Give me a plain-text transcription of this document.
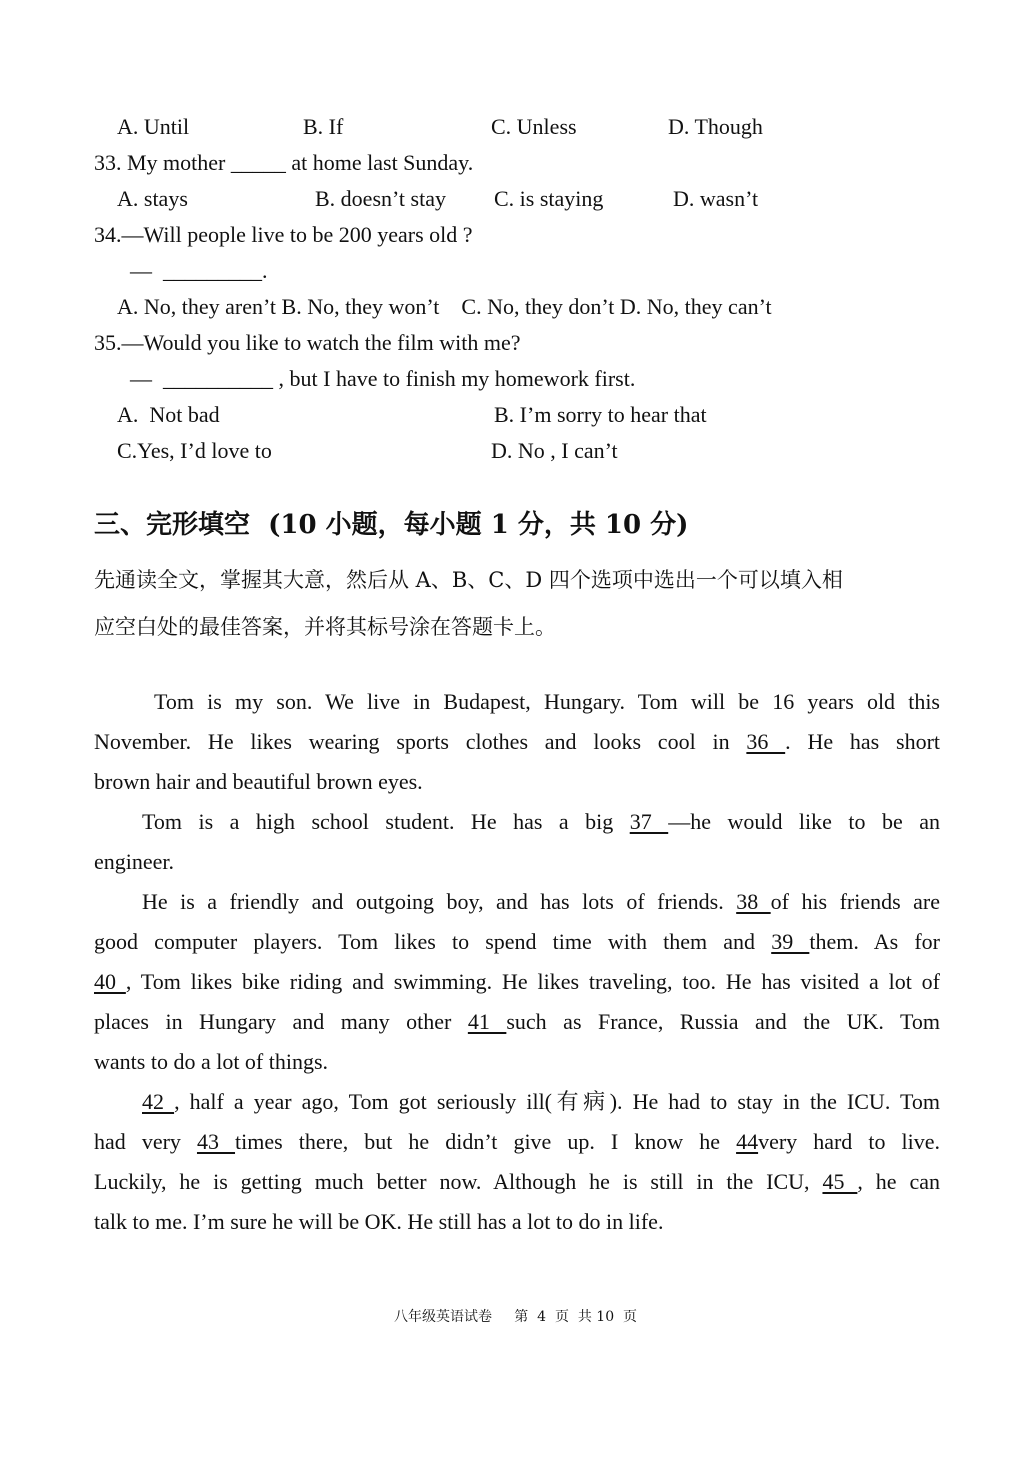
A. Until	B. If	C. Unless	D. Though
33. My mother _____ at home last Sunday.
A. stays	B. doesn’t stay C. is staying	D. wasn’t
34.—Will people live to be 200 years old ?
—  _________.
A. No, they aren’t B. No, they won’t    C. No, they don’t D. No, they can’t
35.—Would you like to watch the film with me?
—  __________ , but I have to finish my homework first.
A.  Not bad	B. I’m sorry to hear that
C.Yes, I’d love to	D. No , I can’t
三、完形填空  (10 小题，每小题 1 分，共 10 分)
先通读全文，掌握其大意，然后从 A、B、C、D 四个选项中选出一个可以填入相
应空白处的最佳答案，并将其标号涂在答题卡上。
Tom is my son. We live in Budapest, Hungary. Tom will be 16 years old this
November. He likes wearing sports clothes and looks cool in 36 . He has short
brown hair and beautiful brown eyes.
Tom is a high school student. He has a big 37 —he would like to be an
engineer.
He is a friendly and outgoing boy, and has lots of friends. 38 of his friends are
good computer players. Tom likes to spend time with them and 39 them. As for
40 , Tom likes bike riding and swimming. He likes traveling, too. He has visited a lot of
places in Hungary and many other 41 such as France, Russia and the UK. Tom
wants to do a lot of things.
42 , half a year ago, Tom got seriously ill(有病). He had to stay in the ICU. Tom
had very 43 times there, but he didn’t give up. I know he 44very hard to live.
Luckily, he is getting much better now. Although he is still in the ICU, 45 , he can
talk to me. I’m sure he will be OK. He still has a lot to do in life.
八年级英语试卷     第  4  页  共 10  页
